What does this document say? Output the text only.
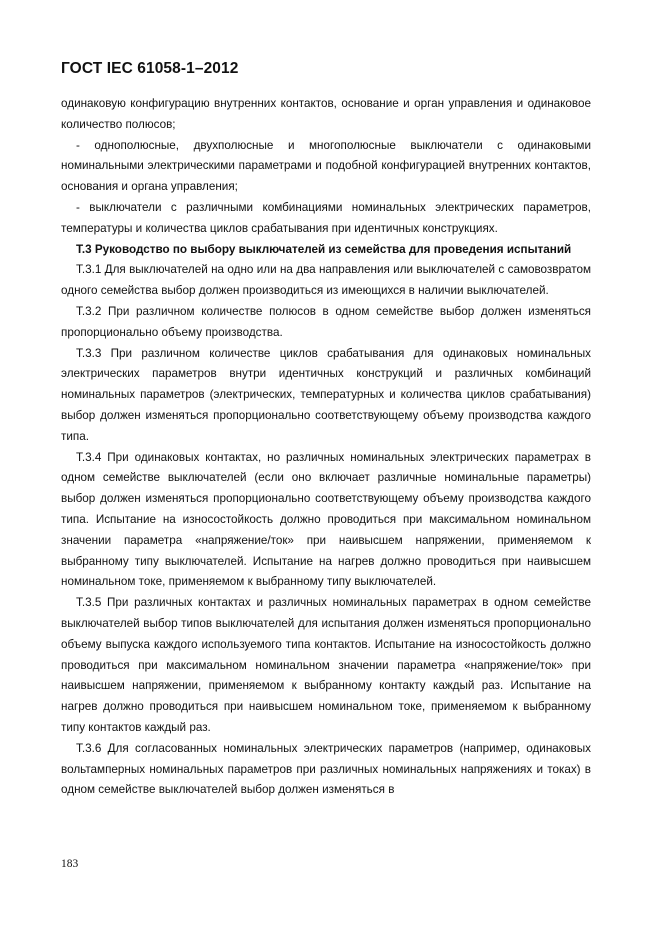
ГОСТ IEC 61058-1–2012

одинаковую конфигурацию внутренних контактов, основание и орган управления и одинаковое количество полюсов;

- однополюсные, двухполюсные и многополюсные выключатели с одинаковыми номинальными электрическими параметрами и подобной конфигурацией внутренних контактов, основания и органа управления;

- выключатели с различными комбинациями номинальных электрических параметров, температуры и количества циклов срабатывания при идентичных конструкциях.

Т.3 Руководство по выбору выключателей из семейства для проведения испытаний

Т.3.1 Для выключателей на одно или на два направления или выключателей с самовозвратом одного семейства выбор должен производиться из имеющихся в наличии выключателей.

Т.3.2 При различном количестве полюсов в одном семействе выбор должен изменяться пропорционально объему производства.

Т.3.3 При различном количестве циклов срабатывания для одинаковых номинальных электрических параметров внутри идентичных конструкций и различных комбинаций номинальных параметров (электрических, температурных и количества циклов срабатывания) выбор должен изменяться пропорционально соответствующему объему производства каждого типа.

Т.3.4 При одинаковых контактах, но различных номинальных электрических параметрах в одном семействе выключателей (если оно включает различные номинальные параметры) выбор должен изменяться пропорционально соответствующему объему производства каждого типа. Испытание на износостойкость должно проводиться при максимальном номинальном значении параметра «напряжение/ток» при наивысшем напряжении, применяемом к выбранному типу выключателей. Испытание на нагрев должно проводиться при наивысшем номинальном токе, применяемом к выбранному типу выключателей.

Т.3.5 При различных контактах и различных номинальных параметрах в одном семействе выключателей выбор типов выключателей для испытания должен изменяться пропорционально объему выпуска каждого используемого типа контактов. Испытание на износостойкость должно проводиться при максимальном номинальном значении параметра «напряжение/ток» при наивысшем напряжении, применяемом к выбранному контакту каждый раз. Испытание на нагрев должно проводиться при наивысшем номинальном токе, применяемом к выбранному типу контактов каждый раз.

Т.3.6 Для согласованных номинальных электрических параметров (например, одинаковых вольтамперных номинальных параметров при различных номинальных напряжениях и токах) в одном семействе выключателей выбор должен изменяться в

183
